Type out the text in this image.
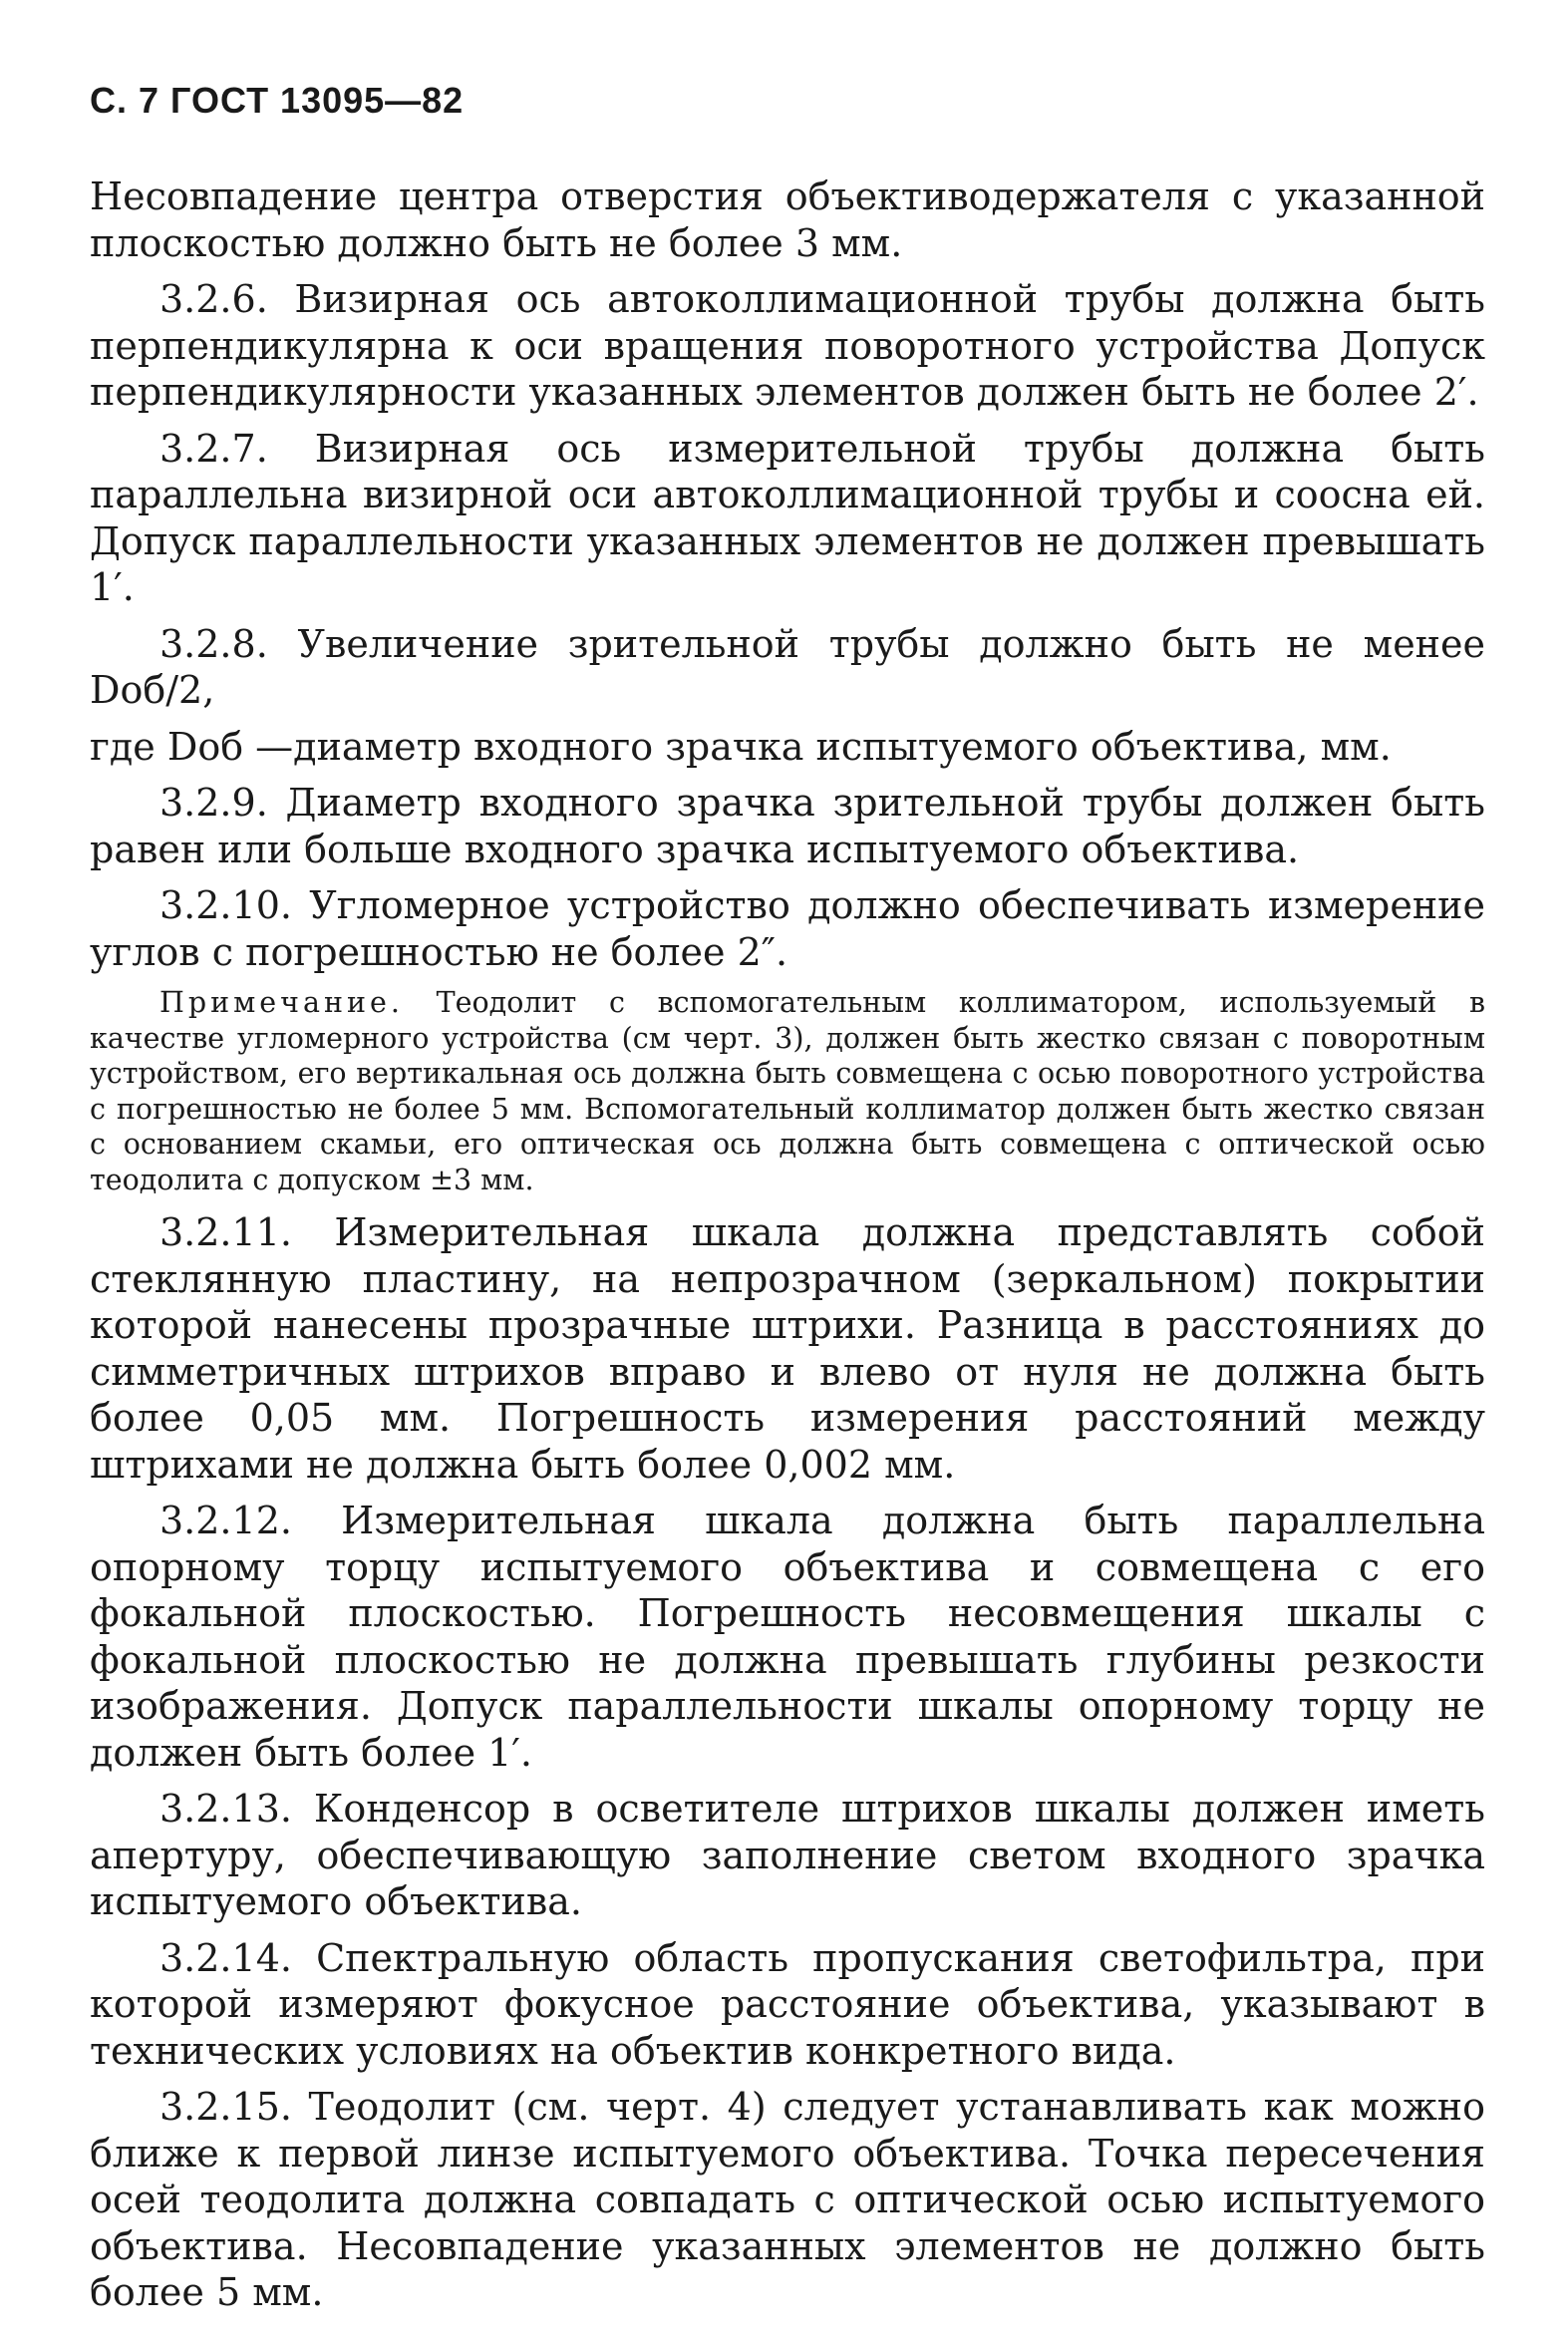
С. 7 ГОСТ 13095—82

Несовпадение центра отверстия объективодержателя с указанной плоскостью должно быть не более 3 мм.

3.2.6. Визирная ось автоколлимационной трубы должна быть перпендикулярна к оси вращения поворотного устройства Допуск перпендикулярности указанных элементов должен быть не более 2′.

3.2.7. Визирная ось измерительной трубы должна быть параллельна визирной оси автоколлимационной трубы и соосна ей. Допуск параллельности указанных элементов не должен превышать 1′.

3.2.8. Увеличение зрительной трубы должно быть не менее Dоб/2,

где Dоб —диаметр входного зрачка испытуемого объектива, мм.

3.2.9. Диаметр входного зрачка зрительной трубы должен быть равен или больше входного зрачка испытуемого объектива.

3.2.10. Угломерное устройство должно обеспечивать измерение углов с погрешностью не более 2″.

Примечание. Теодолит с вспомогательным коллиматором, используемый в качестве угломерного устройства (см черт. 3), должен быть жестко связан с поворотным устройством, его вертикальная ось должна быть совмещена с осью поворотного устройства с погрешностью не более 5 мм. Вспомогательный коллиматор должен быть жестко связан с основанием скамьи, его оптическая ось должна быть совмещена с оптической осью теодолита с допуском ±3 мм.

3.2.11. Измерительная шкала должна представлять собой стеклянную пластину, на непрозрачном (зеркальном) покрытии которой нанесены прозрачные штрихи. Разница в расстояниях до симметричных штрихов вправо и влево от нуля не должна быть более 0,05 мм. Погрешность измерения расстояний между штрихами не должна быть более 0,002 мм.

3.2.12. Измерительная шкала должна быть параллельна опорному торцу испытуемого объектива и совмещена с его фокальной плоскостью. Погрешность несовмещения шкалы с фокальной плоскостью не должна превышать глубины резкости изображения. Допуск параллельности шкалы опорному торцу не должен быть более 1′.

3.2.13. Конденсор в осветителе штрихов шкалы должен иметь апертуру, обеспечивающую заполнение светом входного зрачка испытуемого объектива.

3.2.14. Спектральную область пропускания светофильтра, при которой измеряют фокусное расстояние объектива, указывают в технических условиях на объектив конкретного вида.

3.2.15. Теодолит (см. черт. 4) следует устанавливать как можно ближе к первой линзе испытуемого объектива. Точка пересечения осей теодолита должна совпадать с оптической осью испытуемого объектива. Несовпадение указанных элементов не должно быть более 5 мм.
